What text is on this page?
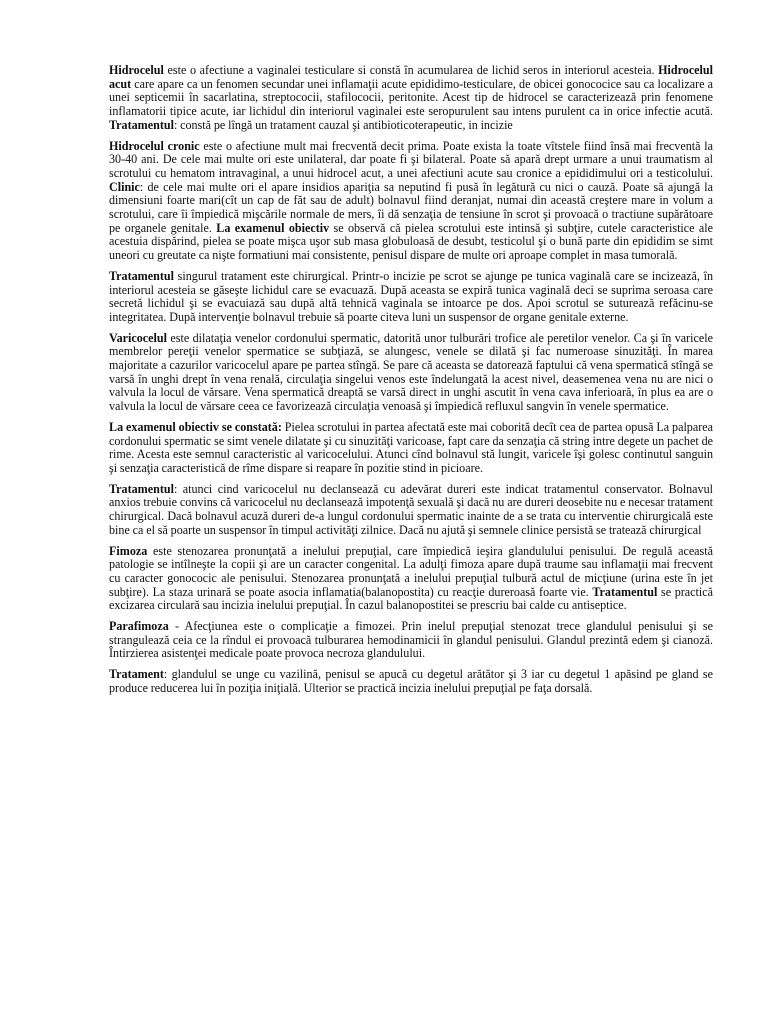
Hidrocelul este o afectiune a vaginalei testiculare si constă în acumularea de lichid seros in interiorul acesteia. Hidrocelul acut care apare ca un fenomen secundar unei inflamaţii acute epididimo-testiculare, de obicei gonococice sau ca localizare a unei septicemii în sacarlatina, streptococii, stafilococii, peritonite. Acest tip de hidrocel se caracterizează prin fenomene inflamatorii tipice acute, iar lichidul din interiorul vaginalei este seropurulent sau intens purulent ca in orice infectie acută. Tratamentul: constă pe lîngă un tratament cauzal şi antibioticoterapeutic, in incizie

Hidrocelul cronic este o afectiune mult mai frecventă decit prima. Poate exista la toate vîtstele fiind însă mai frecventă la 30-40 ani. De cele mai multe ori este unilateral, dar poate fi şi bilateral. Poate să apară drept urmare a unui traumatism al scrotului cu hematom intravaginal, a unui hidrocel acut, a unei afectiuni acute sau cronice a epididimului ori a testicolului. Clinic: de cele mai multe ori el apare insidios apariţia sa neputind fi pusă în legătură cu nici o cauză. Poate să ajungă la dimensiuni foarte mari(cît un cap de făt sau de adult) bolnavul fiind deranjat, numai din această creştere mare in volum a scrotului, care îi împiedică mişcările normale de mers, îi dă senzaţia de tensiune în scrot şi provoacă o tractiune supărătoare pe organele genitale. La examenul obiectiv se observă că pielea scrotului este intinsă şi subţire, cutele caracteristice ale acestuia dispărind, pielea se poate mişca uşor sub masa globuloasă de desubt, testicolul şi o bună parte din epididim se simt uneori cu greutate ca nişte formatiuni mai consistente, penisul dispare de multe ori aproape complet in masa tumorală.

Tratamentul singurul tratament este chirurgical. Printr-o incizie pe scrot se ajunge pe tunica vaginală care se incizează, în interiorul acesteia se găseşte lichidul care se evacuază. După aceasta se expiră tunica vaginală deci se suprima seroasa care secretă lichidul şi se evacuiază sau după altă tehnică vaginala se intoarce pe dos. Apoi scrotul se sutureazǎ refăcinu-se integritatea. După intervenţie bolnavul trebuie să poarte citeva luni un suspensor de organe genitale externe.

Varicocelul este dilataţia venelor cordonului spermatic, datorită unor tulburări trofice ale peretilor venelor. Ca şi în varicele membrelor pereţii venelor spermatice se subţiază, se alungesc, venele se dilată şi fac numeroase sinuzităţi. În marea majoritate a cazurilor varicocelul apare pe partea stîngă. Se pare că aceasta se datorează faptului că vena spermatică stîngă se varsă în unghi drept în vena renală, circulaţia singelui venos este îndelungată la acest nivel, deasemenea vena nu are nici o valvula la locul de vărsare. Vena spermatică dreaptă se varsă direct in unghi ascutit în vena cava inferioară, în plus ea are o valvula la locul de vărsare ceea ce favorizează circulaţia venoasă şi împiedică refluxul sangvin în venele spermatice.

La examenul obiectiv se constată: Pielea scrotului in partea afectată este mai coborită decît cea de partea opusă La palparea cordonului spermatic se simt venele dilatate şi cu sinuzităţi varicoase, fapt care da senzaţia că string intre degete un pachet de rime. Acesta este semnul caracteristic al varicocelului. Atunci cînd bolnavul stă lungit, varicele îşi golesc continutul sanguin şi senzaţia caracteristică de rîme dispare si reapare în pozitie stind in picioare.

Tratamentul: atunci cind varicocelul nu declansează cu adevărat dureri este indicat tratamentul conservator. Bolnavul anxios trebuie convins că varicocelul nu declansează impotenţă sexuală şi dacă nu are dureri deosebite nu e necesar tratament chirurgical. Dacă bolnavul acuză dureri de-a lungul cordonului spermatic inainte de a se trata cu interventie chirurgicală este bine ca el să poarte un suspensor în timpul activităţi zilnice. Dacă nu ajută şi semnele clinice persistă se tratează chirurgical

Fimoza este stenozarea pronunţată a inelului prepuţial, care împiedică ieşira glandulului penisului. De regulă această patologie se intîlneşte la copii şi are un caracter congenital. La adulţi fimoza apare după traume sau inflamaţii mai frecvent cu caracter gonococic ale penisului. Stenozarea pronunţată a inelului prepuţial tulbură actul de micţiune (urina este în jet subţire). La staza urinară se poate asocia inflamatia(balanopostita) cu reacţie dureroasă foarte vie. Tratamentul se practică excizarea circulară sau incizia inelului prepuţial. În cazul balanopostitei se prescriu bai calde cu antiseptice.

Parafimoza - Afecţiunea este o complicaţie a fimozei. Prin inelul prepuţial stenozat trece glandulul penisului şi se strangulează ceia ce la rîndul ei provoacă tulburarea hemodinamicii în glandul penisului. Glandul prezintă edem şi cianoză. Întirzierea asistenţei medicale poate provoca necroza glandulului.

Tratament: glandulul se unge cu vazilină, penisul se apucă cu degetul arătător şi 3 iar cu degetul 1 apăsind pe gland se produce reducerea lui în poziţia iniţială. Ulterior se practică incizia inelului prepuţial pe faţa dorsală.
